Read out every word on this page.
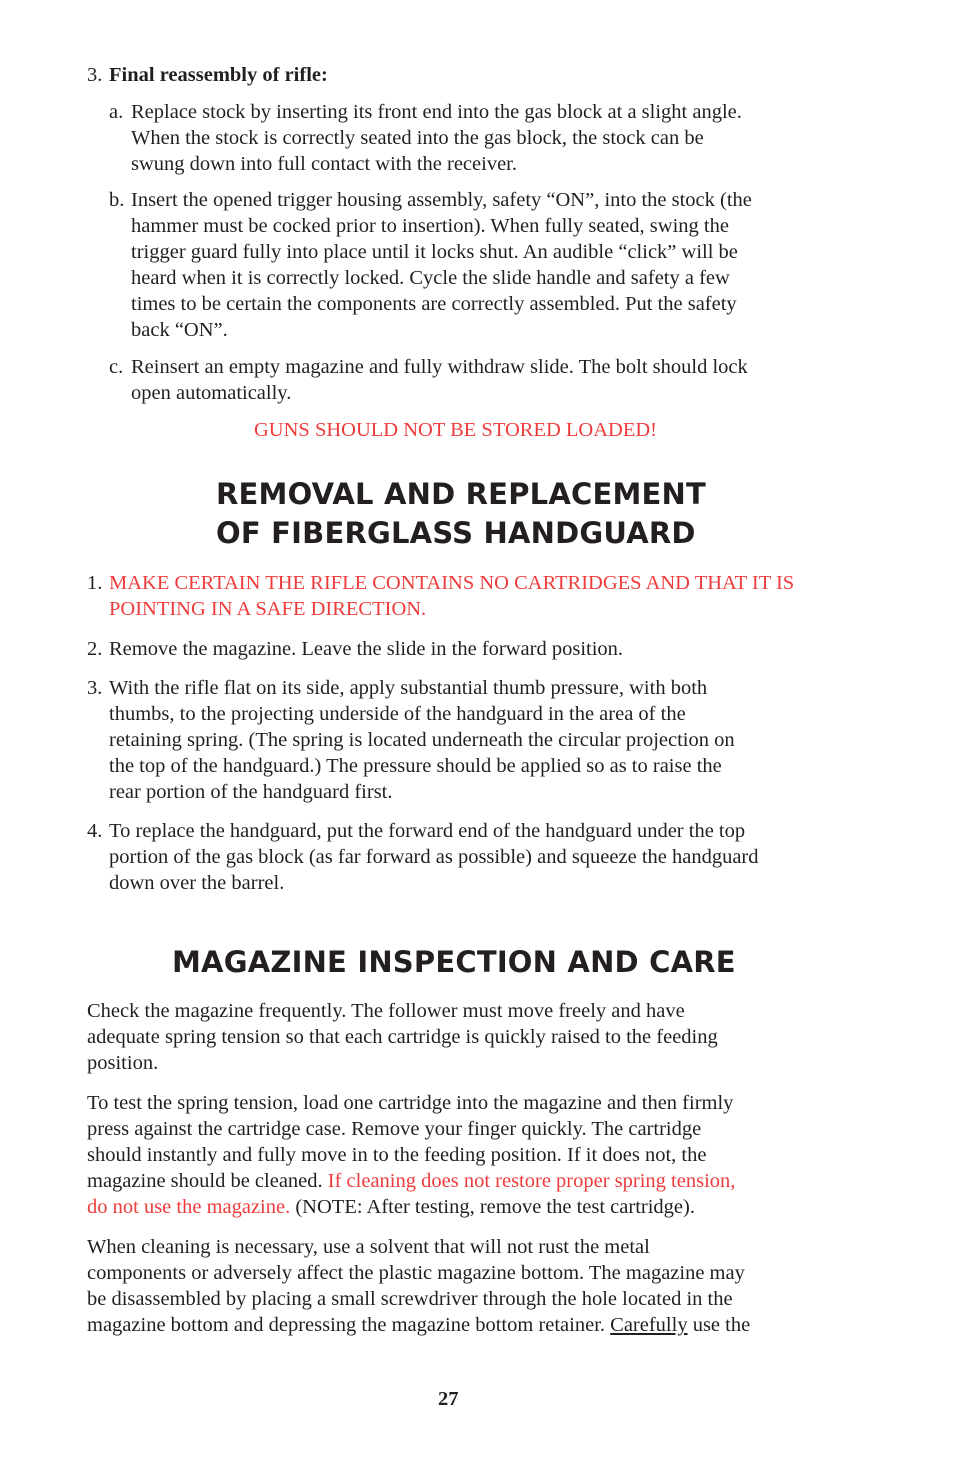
3. Final reassembly of rifle:

a. Replace stock by inserting its front end into the gas block at a slight angle.
When the stock is correctly seated into the gas block, the stock can be
swung down into full contact with the receiver.

b. Insert the opened trigger housing assembly, safety “ON”, into the stock (the
hammer must be cocked prior to insertion). When fully seated, swing the
trigger guard fully into place until it locks shut. An audible “click” will be
heard when it is correctly locked. Cycle the slide handle and safety a few
times to be certain the components are correctly assembled. Put the safety
back “ON”.

c. Reinsert an empty magazine and fully withdraw slide. The bolt should lock
open automatically.

GUNS SHOULD NOT BE STORED LOADED!

REMOVAL AND REPLACEMENT

OF FIBERGLASS HANDGUARD

1. MAKE CERTAIN THE RIFLE CONTAINS NO CARTRIDGES AND THAT IT IS
POINTING IN A SAFE DIRECTION.

2. Remove the magazine. Leave the slide in the forward position.

3. With the rifle flat on its side, apply substantial thumb pressure, with both
thumbs, to the projecting underside of the handguard in the area of the
retaining spring. (The spring is located underneath the circular projection on
the top of the handguard.) The pressure should be applied so as to raise the
rear portion of the handguard first.

4. To replace the handguard, put the forward end of the handguard under the top
portion of the gas block (as far forward as possible) and squeeze the handguard
down over the barrel.

MAGAZINE INSPECTION AND CARE

Check the magazine frequently. The follower must move freely and have
adequate spring tension so that each cartridge is quickly raised to the feeding
position.

To test the spring tension, load one cartridge into the magazine and then firmly
press against the cartridge case. Remove your finger quickly. The cartridge
should instantly and fully move in to the feeding position. If it does not, the
magazine should be cleaned. If cleaning does not restore proper spring tension,
do not use the magazine. (NOTE: After testing, remove the test cartridge).

When cleaning is necessary, use a solvent that will not rust the metal
components or adversely affect the plastic magazine bottom. The magazine may
be disassembled by placing a small screwdriver through the hole located in the
magazine bottom and depressing the magazine bottom retainer. Carefully use the

27
